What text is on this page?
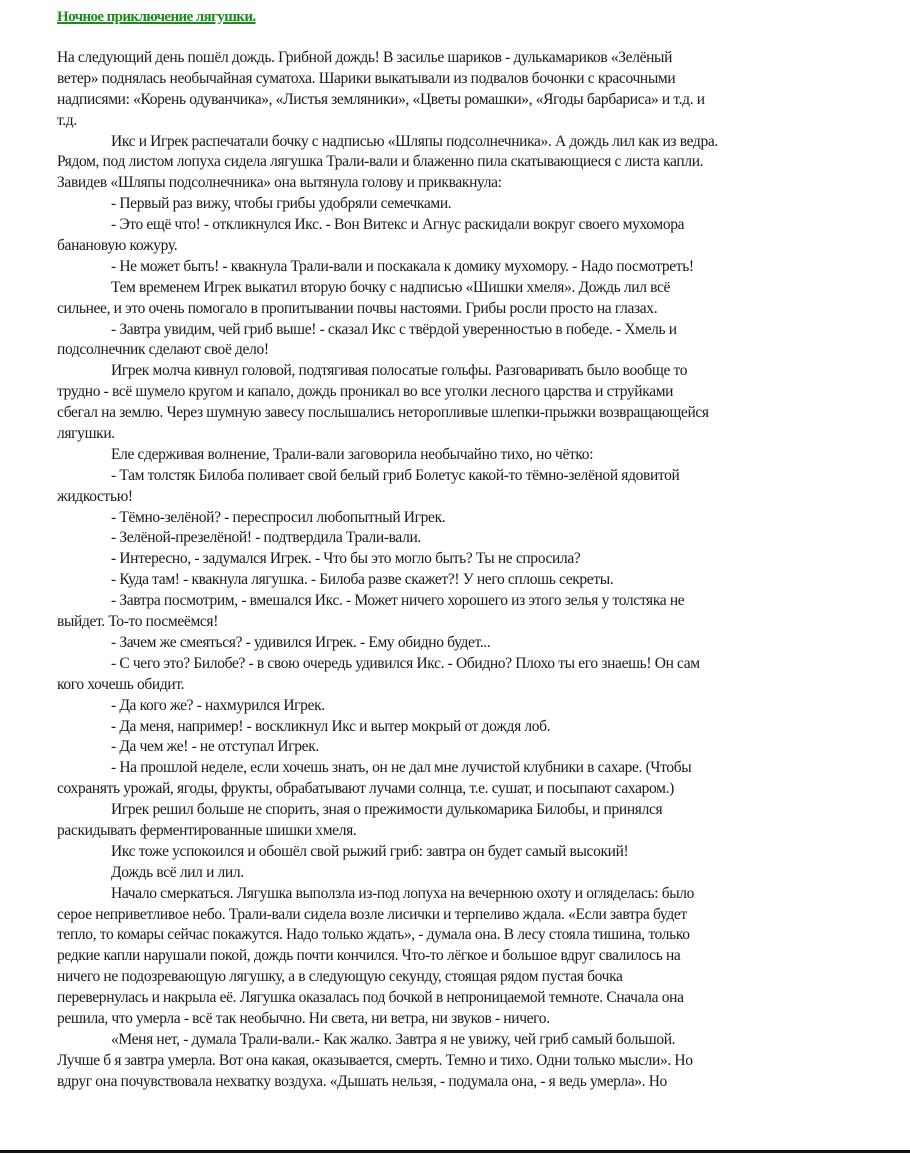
Ночное приключение лягушки.
На следующий день пошёл дождь. Грибной дождь! В засилье шариков - дулькамариков «Зелёный
ветер» поднялась необычайная суматоха. Шарики выкатывали из подвалов бочонки с красочными
надписями: «Корень одуванчика», «Листья земляники», «Цветы ромашки», «Ягоды барбариса» и т.д. и
т.д.
Икс и Игрек распечатали бочку с надписью «Шляпы подсолнечника». А дождь лил как из ведра.
Рядом, под листом лопуха сидела лягушка Трали-вали и блаженно пила скатывающиеся с листа капли.
Завидев «Шляпы подсолнечника» она вытянула голову и приквакнула:
- Первый раз вижу, чтобы грибы удобряли семечками.
- Это ещё что! - откликнулся Икс. - Вон Витекс и Агнус раскидали вокруг своего мухомора
банановую кожуру.
- Не может быть! - квакнула Трали-вали и поскакала к домику мухомору. - Надо посмотреть!
Тем временем Игрек выкатил вторую бочку с надписью «Шишки хмеля». Дождь лил всё
сильнее, и это очень помогало в пропитывании почвы настоями. Грибы росли просто на глазах.
- Завтра увидим, чей гриб выше! - сказал Икс с твёрдой уверенностью в победе. - Хмель и
подсолнечник сделают своё дело!
Игрек молча кивнул головой, подтягивая полосатые гольфы. Разговаривать было вообще то
трудно - всё шумело кругом и капало, дождь проникал во все уголки лесного царства и струйками
сбегал на землю. Через шумную завесу послышались неторопливые шлепки-прыжки возвращающейся
лягушки.
Еле сдерживая волнение, Трали-вали заговорила необычайно тихо, но чётко:
- Там толстяк Билоба поливает свой белый гриб Болетус какой-то тёмно-зелёной ядовитой
жидкостью!
- Тёмно-зелёной? - переспросил любопытный Игрек.
- Зелёной-презелёной! - подтвердила Трали-вали.
- Интересно, - задумался Игрек. - Что бы это могло быть? Ты не спросила?
- Куда там! - квакнула лягушка. - Билоба разве скажет?! У него сплошь секреты.
- Завтра посмотрим, - вмешался Икс. - Может ничего хорошего из этого зелья у толстяка не
выйдет. То-то посмеёмся!
- Зачем же смеяться? - удивился Игрек. - Ему обидно будет...
- С чего это? Билобе? - в свою очередь удивился Икс. - Обидно? Плохо ты его знаешь! Он сам
кого хочешь обидит.
- Да кого же? - нахмурился Игрек.
- Да меня, например! - воскликнул Икс и вытер мокрый от дождя лоб.
- Да чем же! - не отступал Игрек.
- На прошлой неделе, если хочешь знать, он не дал мне лучистой клубники в сахаре. (Чтобы
сохранять урожай, ягоды, фрукты, обрабатывают лучами солнца, т.е. сушат, и посыпают сахаром.)
Игрек решил больше не спорить, зная о прежимости дулькомарика Билобы, и принялся
раскидывать ферментированные шишки хмеля.
Икс тоже успокоился и обошёл свой рыжий гриб: завтра он будет самый высокий!
Дождь всё лил и лил.
Начало смеркаться. Лягушка выползла из-под лопуха на вечернюю охоту и огляделась: было
серое неприветливое небо. Трали-вали сидела возле лисички и терпеливо ждала. «Если завтра будет
тепло, то комары сейчас покажутся. Надо только ждать», - думала она. В лесу стояла тишина, только
редкие капли нарушали покой, дождь почти кончился. Что-то лёгкое и большое вдруг свалилось на
ничего не подозревающую лягушку, а в следующую секунду, стоящая рядом пустая бочка
перевернулась и накрыла её. Лягушка оказалась под бочкой в непроницаемой темноте. Сначала она
решила, что умерла - всё так необычно. Ни света, ни ветра, ни звуков - ничего.
«Меня нет, - думала Трали-вали.- Как жалко. Завтра я не увижу, чей гриб самый большой.
Лучше б я завтра умерла. Вот она какая, оказывается, смерть. Темно и тихо. Одни только мысли». Но
вдруг она почувствовала нехватку воздуха. «Дышать нельзя, - подумала она, - я ведь умерла». Но
